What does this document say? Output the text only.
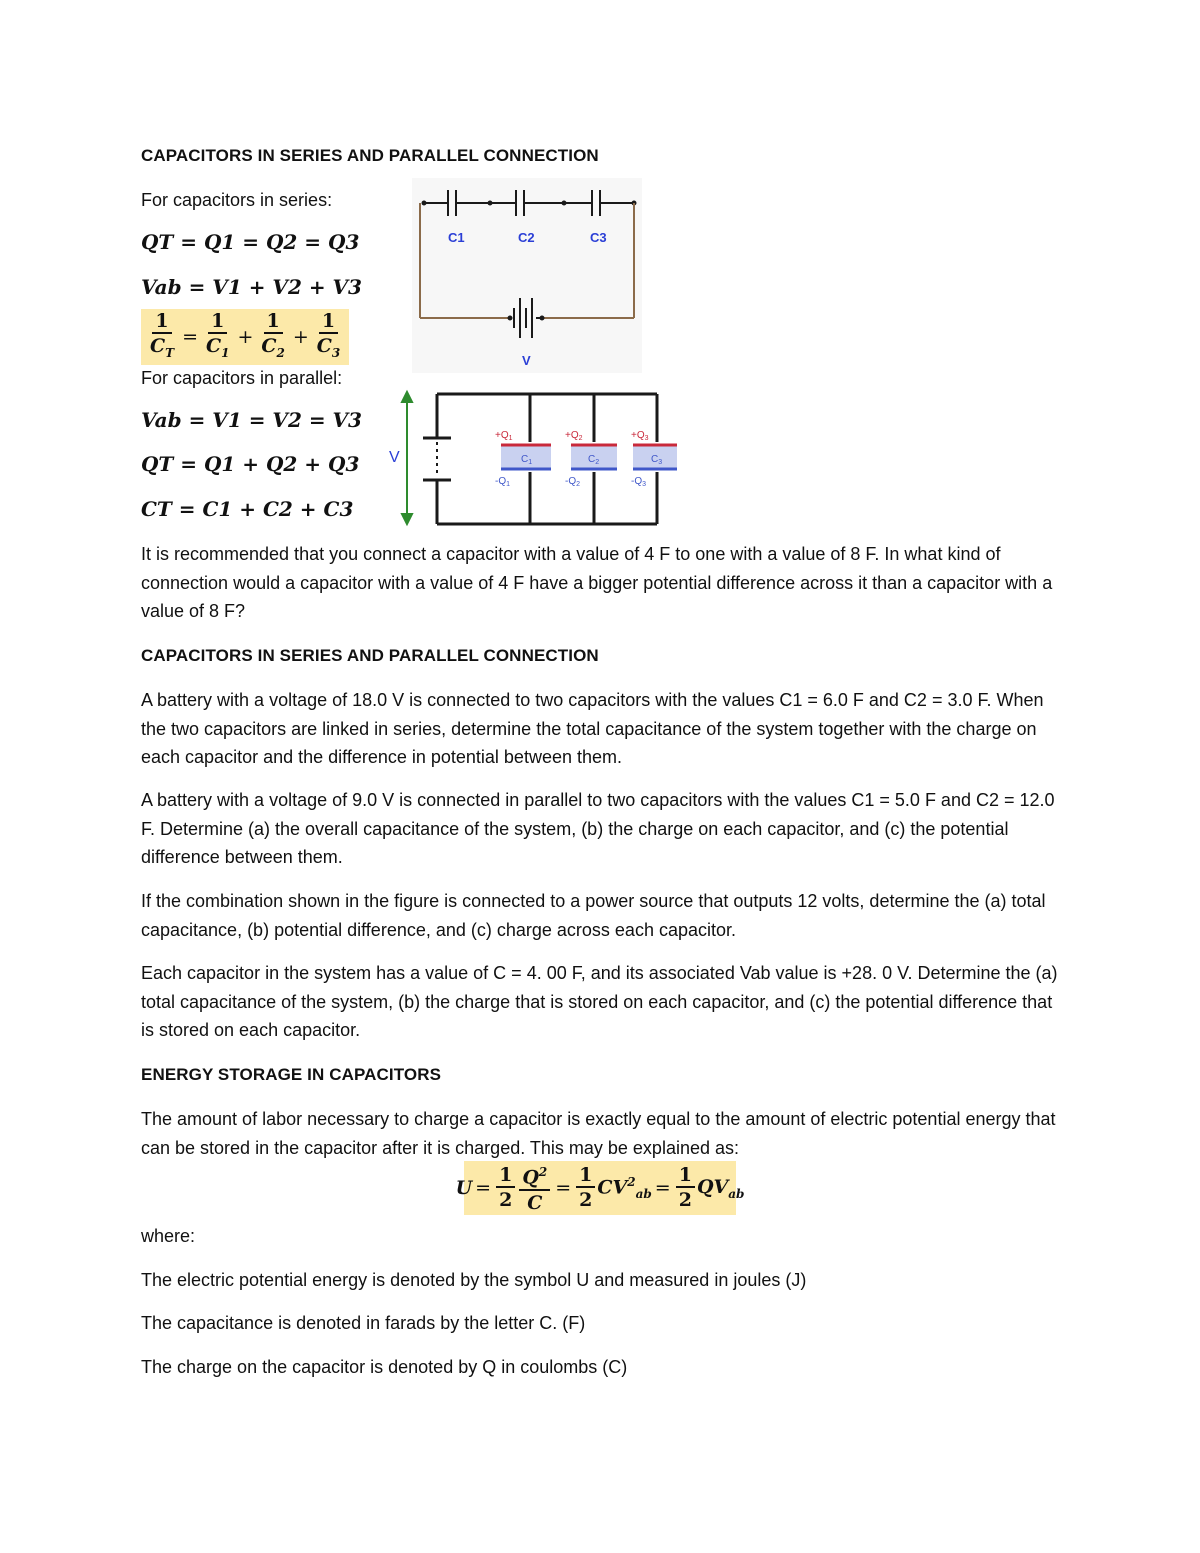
CAPACITORS IN SERIES AND PARALLEL CONNECTION
For capacitors in series:
QT = Q1 = Q2 = Q3
Vab = V1 + V2 + V3
$\frac{1}{C_T} = \frac{1}{C_1} + \frac{1}{C_2} + \frac{1}{C_3}$
For capacitors in parallel:
Vab = V1 = V2 = V3
QT = Q1 + Q2 + Q3
CT = C1 + C2 + C3
C1	C2	C3
V
V
$+Q_1$	$+Q_2$	$+Q_3$
$C_1$	$C_2$	$C_3$
$-Q_1$	$-Q_2$	$-Q_3$
It is recommended that you connect a capacitor with a value of 4 F to one with a value of 8 F. In what kind of connection would a capacitor with a value of 4 F have a bigger potential difference across it than a capacitor with a value of 8 F?
CAPACITORS IN SERIES AND PARALLEL CONNECTION
A battery with a voltage of 18.0 V is connected to two capacitors with the values C1 = 6.0 F and C2 = 3.0 F. When the two capacitors are linked in series, determine the total capacitance of the system together with the charge on each capacitor and the difference in potential between them.
A battery with a voltage of 9.0 V is connected in parallel to two capacitors with the values C1 = 5.0 F and C2 = 12.0 F. Determine (a) the overall capacitance of the system, (b) the charge on each capacitor, and (c) the potential difference between them.
If the combination shown in the figure is connected to a power source that outputs 12 volts, determine the (a) total capacitance, (b) potential difference, and (c) charge across each capacitor.
Each capacitor in the system has a value of C = 4. 00 F, and its associated Vab value is +28. 0 V. Determine the (a) total capacitance of the system, (b) the charge that is stored on each capacitor, and (c) the potential difference that is stored on each capacitor.
ENERGY STORAGE IN CAPACITORS
The amount of labor necessary to charge a capacitor is exactly equal to the amount of electric potential energy that can be stored in the capacitor after it is charged. This may be explained as:
$U = \frac{1}{2} \frac{Q^2}{C} = \frac{1}{2} CV^2_{ab} = \frac{1}{2} QV_{ab}$
where:
The electric potential energy is denoted by the symbol U and measured in joules (J)
The capacitance is denoted in farads by the letter C. (F)
The charge on the capacitor is denoted by Q in coulombs (C)
